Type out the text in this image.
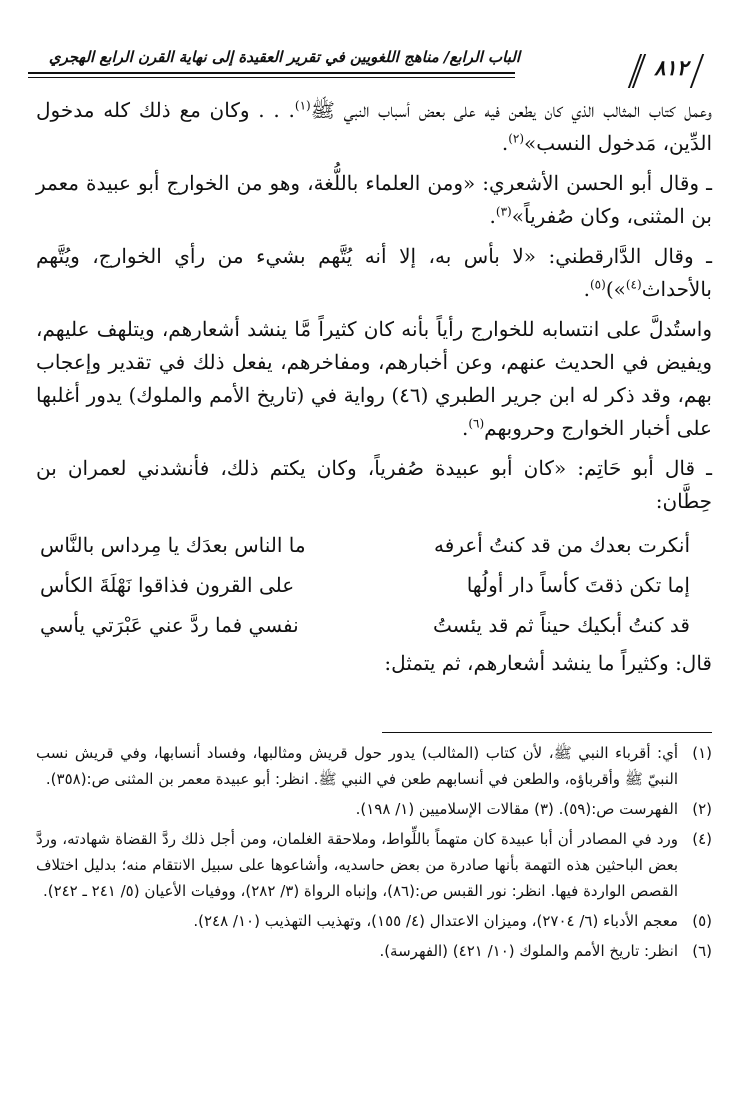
الباب الرابع/ مناهج اللغويين في تقرير العقيدة إلى نهاية القرن الرابع الهجري	٨١٢

وعمل كتاب المثالب الذي كان يطعن فيه على بعض أسباب النبي ﷺ$^{(١)}$. . . وكان مع ذلك كله مدخول الدِّين، مَدخول النسب»$^{(٢)}$.

ـ وقال أبو الحسن الأشعري: «ومن العلماء باللُّغة، وهو من الخوارج أبو عبيدة معمر بن المثنى، وكان صُفرياً»$^{(٣)}$.

ـ وقال الدَّارقطني: «لا بأس به، إلا أنه يُتَّهم بشيء من رأي الخوارج، ويُتَّهم بالأحداث$^{(٤)}$»)$^{(٥)}$.

واستُدلَّ على انتسابه للخوارج رأياً بأنه كان كثيراً مَّا ينشد أشعارهم، ويتلهف عليهم، ويفيض في الحديث عنهم، وعن أخبارهم، ومفاخرهم، يفعل ذلك في تقدير وإعجاب بهم، وقد ذكر له ابن جرير الطبري (٤٦) رواية في (تاريخ الأمم والملوك) يدور أغلبها على أخبار الخوارج وحروبهم$^{(٦)}$.

ـ قال أبو حَاتِم: «كان أبو عبيدة صُفرياً، وكان يكتم ذلك، فأنشدني لعمران بن حِطَّان:

أنكرت بعدك من قد كنتُ أعرفه
ما الناس بعدَك يا مِرداس بالنَّاس
إما تكن ذقتَ كأساً دار أولُها
على القرون فذاقوا نَهْلَةَ الكأس
قد كنتُ أبكيك حيناً ثم قد يئستُ
نفسي فما ردَّ عني عَبْرَتي يأسي

قال: وكثيراً ما ينشد أشعارهم، ثم يتمثل:

(١)
أي: أقرباء النبي ﷺ، لأن كتاب (المثالب) يدور حول قريش ومثالبها، وفساد أنسابها، وفي قريش نسب النبيّ ﷺ وأقرباؤه، والطعن في أنسابهم طعن في النبي ﷺ. انظر: أبو عبيدة معمر بن المثنى ص:(٣٥٨).
(٢)
الفهرست ص:(٥٩). (٣) مقالات الإسلاميين (١/ ١٩٨).
(٤)
ورد في المصادر أن أبا عبيدة كان متهماً باللِّواط، وملاحقة الغلمان، ومن أجل ذلك ردَّ القضاة شهادته، وردَّ بعض الباحثين هذه التهمة بأنها صادرة من بعض حاسديه، وأشاعوها على سبيل الانتقام منه؛ بدليل اختلاف القصص الواردة فيها. انظر: نور القبس ص:(٨٦)، وإنباه الرواة (٣/ ٢٨٢)، ووفيات الأعيان (٥/ ٢٤١ ـ ٢٤٢).
(٥)
معجم الأدباء (٦/ ٢٧٠٤)، وميزان الاعتدال (٤/ ١٥٥)، وتهذيب التهذيب (١٠/ ٢٤٨).
(٦)
انظر: تاريخ الأمم والملوك (١٠/ ٤٢١) (الفهرسة).
